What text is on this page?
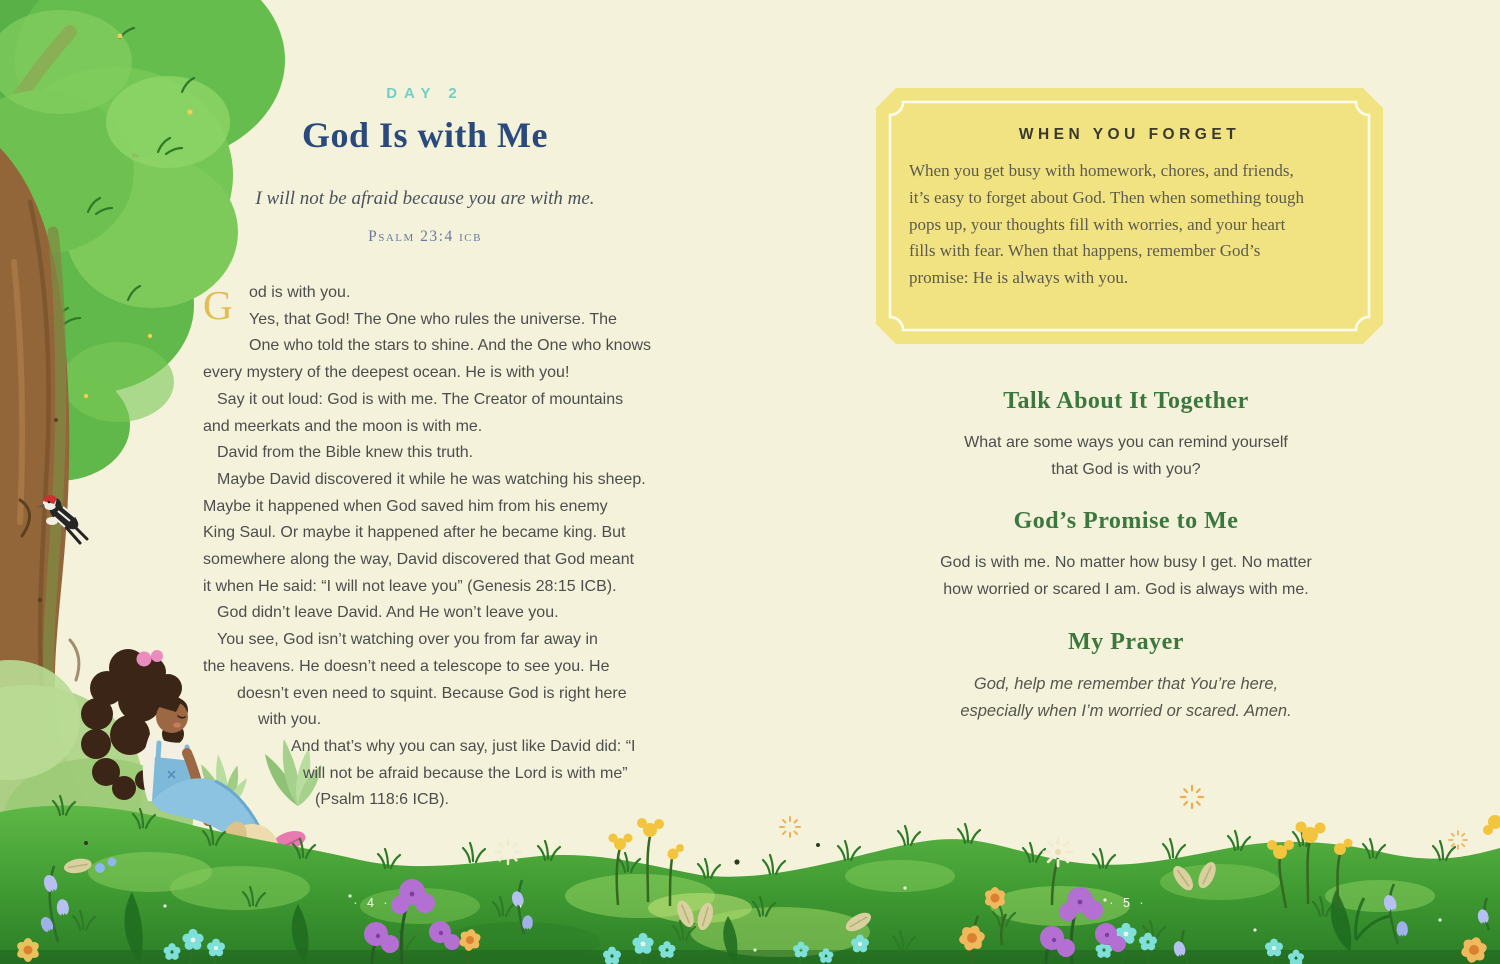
DAY 2
God Is with Me
I will not be afraid because you are with me.
Psalm 23:4 icb
G	od is with you.
Yes, that God! The One who rules the universe. The
One who told the stars to shine. And the One who knows
every mystery of the deepest ocean. He is with you!
Say it out loud: God is with me. The Creator of mountains
and meerkats and the moon is with me.
David from the Bible knew this truth.
Maybe David discovered it while he was watching his sheep.
Maybe it happened when God saved him from his enemy
King Saul. Or maybe it happened after he became king. But
somewhere along the way, David discovered that God meant
it when He said: “I will not leave you” (Genesis 28:15 ICB).
God didn’t leave David. And He won’t leave you.
You see, God isn’t watching over you from far away in
the heavens. He doesn’t need a telescope to see you. He
doesn’t even need to squint. Because God is right here
with you.
And that’s why you can say, just like David did: “I
will not be afraid because the Lord is with me”
(Psalm 118:6 ICB).
· 4 ·
WHEN YOU FORGET
When you get busy with homework, chores, and friends,
it’s easy to forget about God. Then when something tough
pops up, your thoughts fill with worries, and your heart
fills with fear. When that happens, remember God’s
promise: He is always with you.
Talk About It Together
What are some ways you can remind yourself
that God is with you?
God’s Promise to Me
God is with me. No matter how busy I get. No matter
how worried or scared I am. God is always with me.
My Prayer
God, help me remember that You’re here,
especially when I’m worried or scared. Amen.
· 5 ·
